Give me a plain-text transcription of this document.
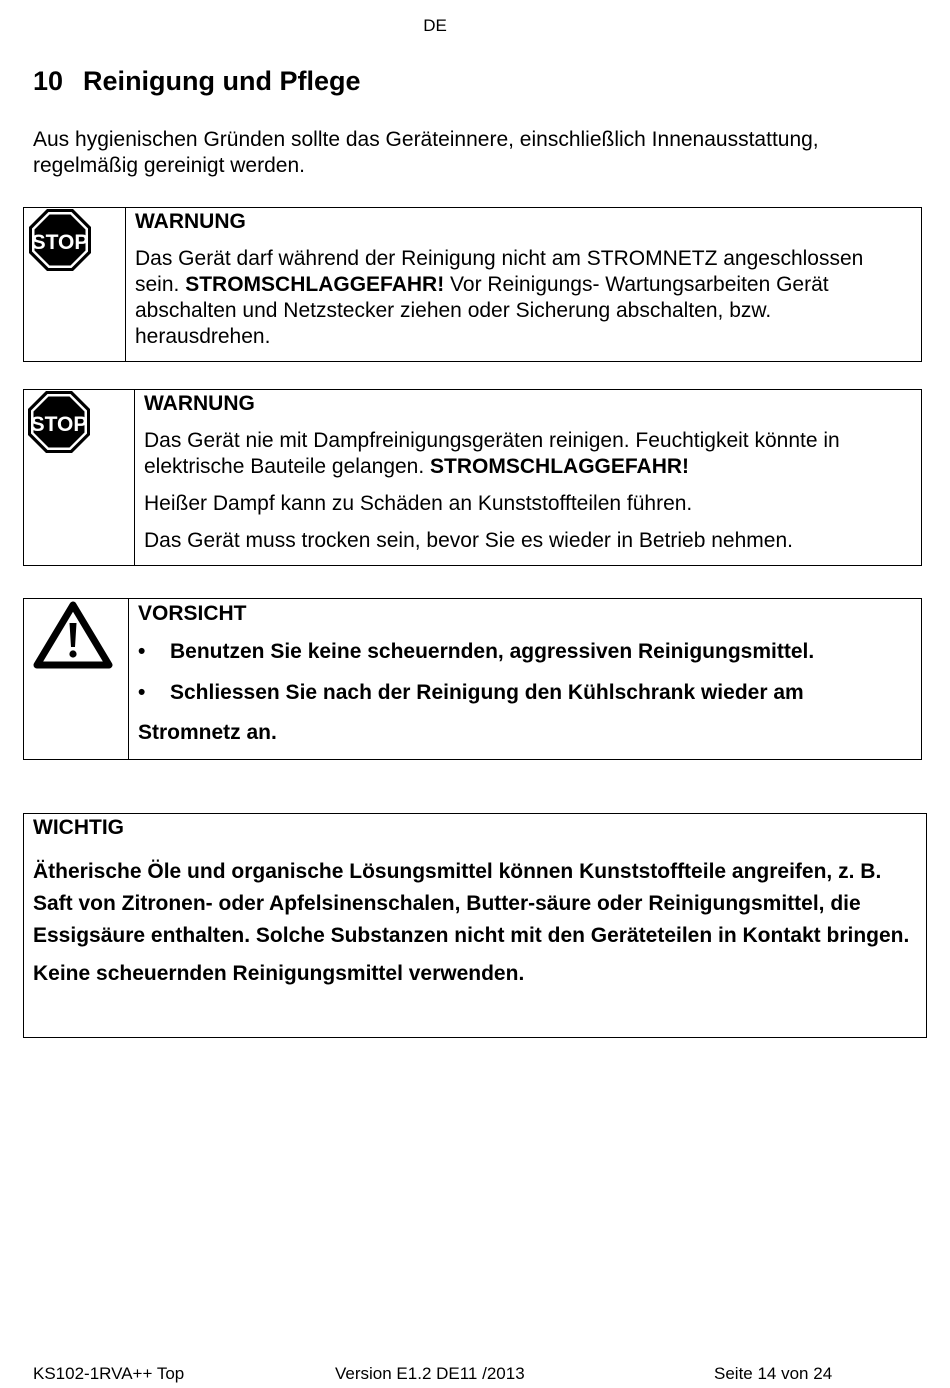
DE
10 Reinigung und Pflege

Aus hygienischen Gründen sollte das Geräteinnere, einschließlich Innenausstattung, regelmäßig gereinigt werden.

STOP
WARNUNG

Das Gerät darf während der Reinigung nicht am STROMNETZ angeschlossen sein. STROMSCHLAGGEFAHR! Vor Reinigungs- Wartungsarbeiten Gerät abschalten und Netzstecker ziehen oder Sicherung abschalten, bzw. herausdrehen.

STOP
WARNUNG

Das Gerät nie mit Dampfreinigungsgeräten reinigen. Feuchtigkeit könnte in elektrische Bauteile gelangen. STROMSCHLAGGEFAHR!

Heißer Dampf kann zu Schäden an Kunststoffteilen führen.

Das Gerät muss trocken sein, bevor Sie es wieder in Betrieb nehmen.

VORSICHT

• Benutzen Sie keine scheuernden, aggressiven Reinigungsmittel.

• Schliessen Sie nach der Reinigung den Kühlschrank wieder am

Stromnetz an.

WICHTIG

Ätherische Öle und organische Lösungsmittel können Kunststoffteile angreifen, z. B. Saft von Zitronen- oder Apfelsinenschalen, Butter-säure oder Reinigungsmittel, die Essigsäure enthalten. Solche Substanzen nicht mit den Geräteteilen in Kontakt bringen.

Keine scheuernden Reinigungsmittel verwenden.

KS102-1RVA++ Top	Version E1.2 DE11 /2013	Seite 14 von 24
